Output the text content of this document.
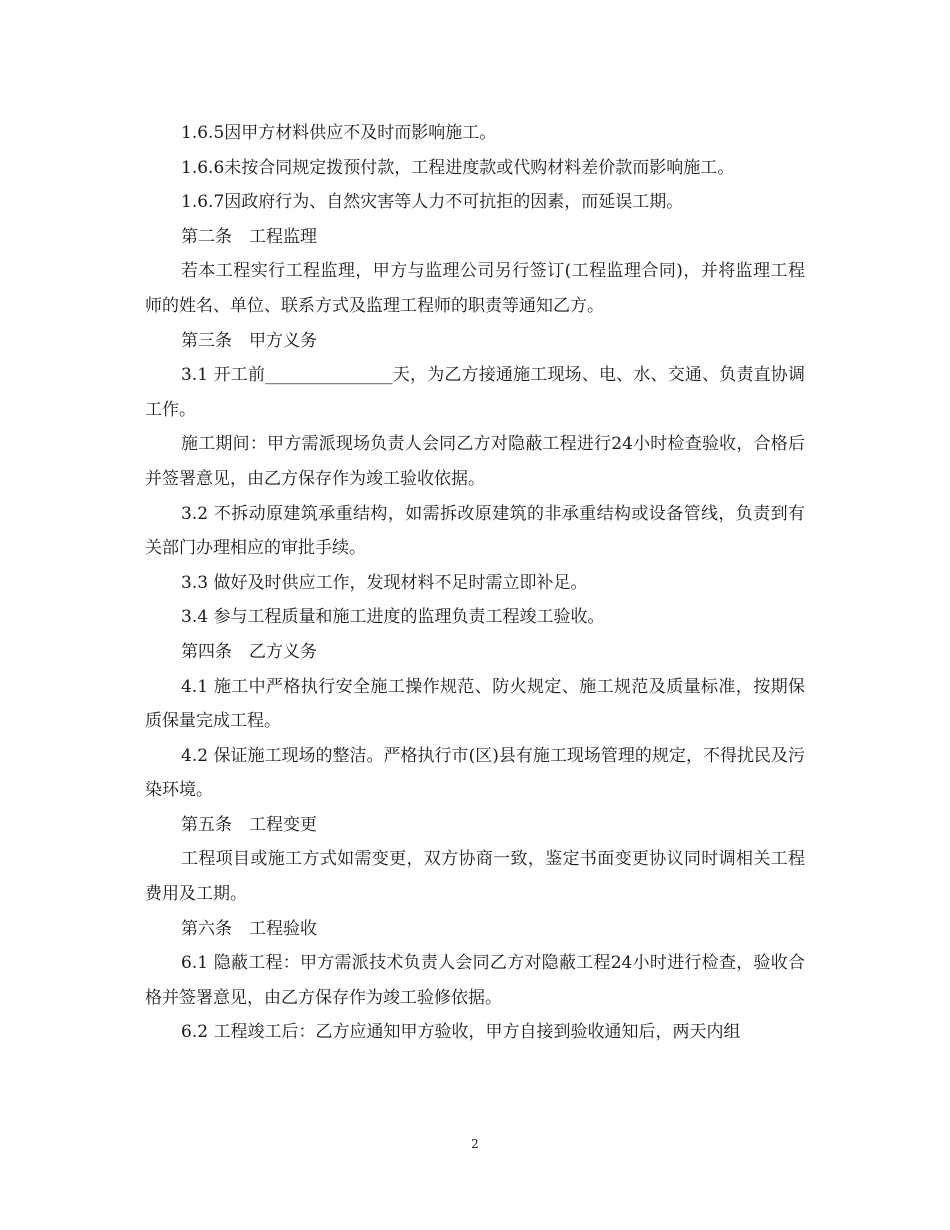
1.6.5因甲方材料供应不及时而影响施工。

1.6.6未按合同规定拨预付款，工程进度款或代购材料差价款而影响施工。

1.6.7因政府行为、自然灾害等人力不可抗拒的因素，而延误工期。

第二条　工程监理

若本工程实行工程监理，甲方与监理公司另行签订(工程监理合同)，并将监理工程师的姓名、单位、联系方式及监理工程师的职责等通知乙方。

第三条　甲方义务

3.1 开工前_______________天，为乙方接通施工现场、电、水、交通、负责直协调工作。

施工期间：甲方需派现场负责人会同乙方对隐蔽工程进行24小时检查验收，合格后并签署意见，由乙方保存作为竣工验收依据。

3.2 不拆动原建筑承重结构，如需拆改原建筑的非承重结构或设备管线，负责到有关部门办理相应的审批手续。

3.3 做好及时供应工作，发现材料不足时需立即补足。

3.4 参与工程质量和施工进度的监理负责工程竣工验收。

第四条　乙方义务

4.1 施工中严格执行安全施工操作规范、防火规定、施工规范及质量标准，按期保质保量完成工程。

4.2 保证施工现场的整洁。严格执行市(区)县有施工现场管理的规定，不得扰民及污染环境。

第五条　工程变更

工程项目或施工方式如需变更，双方协商一致，鉴定书面变更协议同时调相关工程费用及工期。

第六条　工程验收

6.1 隐蔽工程：甲方需派技术负责人会同乙方对隐蔽工程24小时进行检查，验收合格并签署意见，由乙方保存作为竣工验修依据。

6.2 工程竣工后：乙方应通知甲方验收，甲方自接到验收通知后，两天内组

2
